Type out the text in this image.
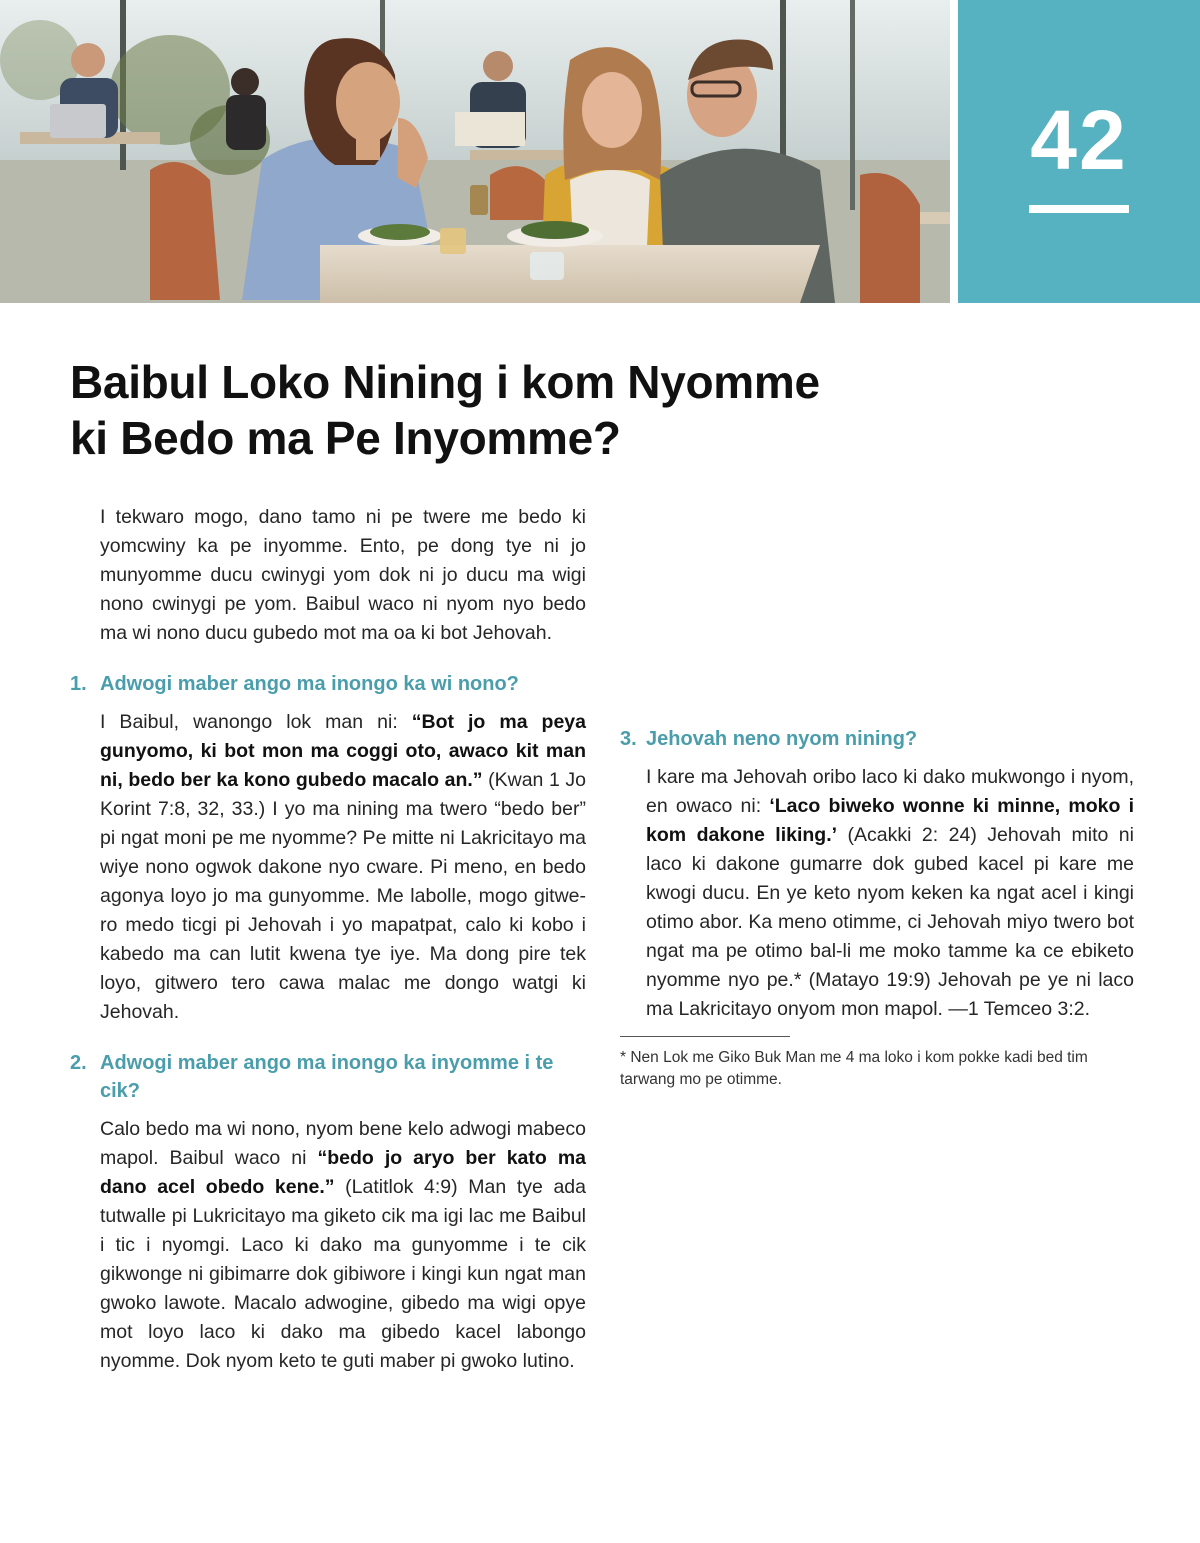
42
Baibul Loko Nining i kom Nyomme
ki Bedo ma Pe Inyomme?

I tekwaro mogo, dano tamo ni pe twere me bedo ki yomcwiny ka pe inyomme. Ento, pe dong tye ni jo munyomme ducu cwinygi yom dok ni jo ducu ma wigi nono cwinygi pe yom. Baibul waco ni nyom nyo bedo ma wi nono ducu gubedo mot ma oa ki bot Jehovah.

1. Adwogi maber ango ma inongo ka wi nono?

I Baibul, wanongo lok man ni: “Bot jo ma peya gunyomo, ki bot mon ma coggi oto, awaco kit man ni, bedo ber ka kono gubedo macalo an.” (Kwan 1 Jo Korint 7:8, 32, 33.) I yo ma nining ma twero “bedo ber” pi ngat moni pe me nyomme? Pe mitte ni Lakricitayo ma wiye nono ogwok dakone nyo cware. Pi meno, en bedo agonya loyo jo ma gunyomme. Me labolle, mogo gitwero medo ticgi pi Jehovah i yo mapatpat, calo ki kobo i kabedo ma can lutit kwena tye iye. Ma dong pire tek loyo, gitwero tero cawa malac me dongo watgi ki Jehovah.

2. Adwogi maber ango ma inongo ka inyomme i te cik?

Calo bedo ma wi nono, nyom bene kelo adwogi mabeco mapol. Baibul waco ni “bedo jo aryo ber kato ma dano acel obedo kene.” (Latitlok 4:9) Man tye ada tutwalle pi Lukricitayo ma giketo cik ma igi lac me Baibul i tic i nyomgi. Laco ki dako ma gunyomme i te cik gikwonge ni gibimarre dok gibiwore i kingi kun ngat man gwoko lawote. Macalo adwogine, gibedo ma wigi opye mot loyo laco ki dako ma gibedo kacel labongo nyomme. Dok nyom keto te guti maber pi gwoko lutino.

3. Jehovah neno nyom nining?

I kare ma Jehovah oribo laco ki dako mukwongo i nyom, en owaco ni: ‘Laco biweko wonne ki minne, moko i kom dakone liking.’ (Acakki 2: 24) Jehovah mito ni laco ki dakone gumarre dok gubed kacel pi kare me kwogi ducu. En ye keto nyom keken ka ngat acel i kingi otimo abor. Ka meno otimme, ci Jehovah miyo twero bot ngat ma pe otimo bal-li me moko tamme ka ce ebiketo nyomme nyo pe.* (Matayo 19:9) Jehovah pe ye ni laco ma Lakricitayo onyom mon mapol. —1 Temceo 3:2.

* Nen Lok me Giko Buk Man me 4 ma loko i kom pokke kadi bed tim tarwang mo pe otimme.
